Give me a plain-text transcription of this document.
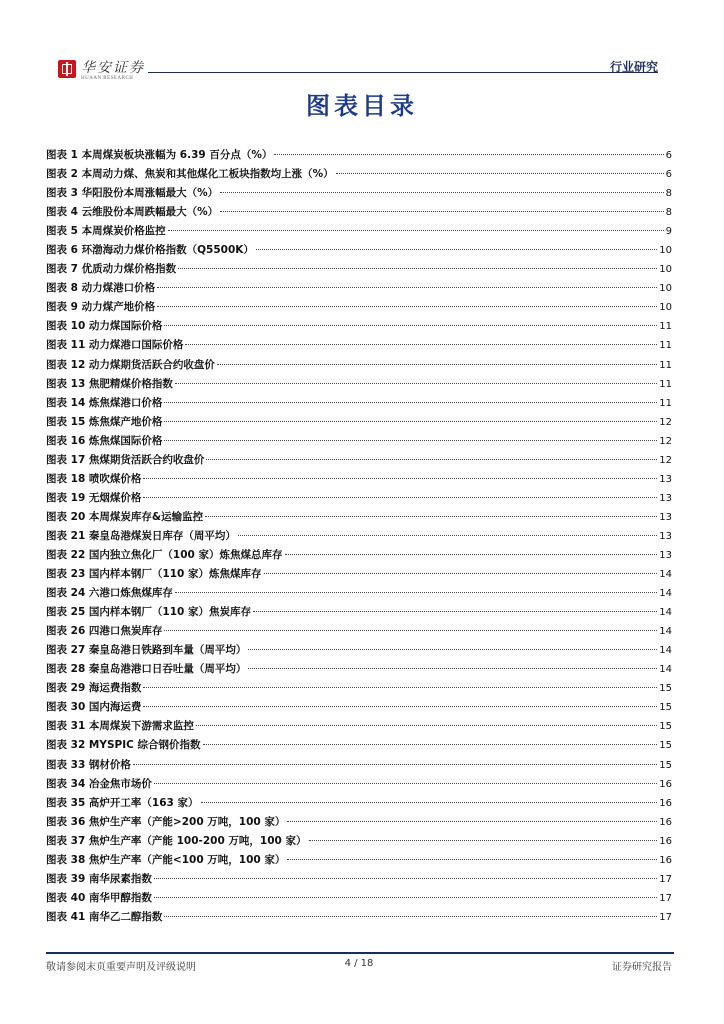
华安证券
HUAAN RESEARCH
行业研究
图表目录
图表 1 本周煤炭板块涨幅为 6.39 百分点（%）	6
图表 2 本周动力煤、焦炭和其他煤化工板块指数均上涨（%）	6
图表 3 华阳股份本周涨幅最大（%）	8
图表 4 云维股份本周跌幅最大（%）	8
图表 5 本周煤炭价格监控	9
图表 6 环渤海动力煤价格指数（Q5500K）	10
图表 7 优质动力煤价格指数	10
图表 8 动力煤港口价格	10
图表 9 动力煤产地价格	10
图表 10 动力煤国际价格	11
图表 11 动力煤港口国际价格	11
图表 12 动力煤期货活跃合约收盘价	11
图表 13 焦肥精煤价格指数	11
图表 14 炼焦煤港口价格	11
图表 15 炼焦煤产地价格	12
图表 16 炼焦煤国际价格	12
图表 17 焦煤期货活跃合约收盘价	12
图表 18 喷吹煤价格	13
图表 19 无烟煤价格	13
图表 20 本周煤炭库存&运输监控	13
图表 21 秦皇岛港煤炭日库存（周平均）	13
图表 22 国内独立焦化厂（100 家）炼焦煤总库存	13
图表 23 国内样本钢厂（110 家）炼焦煤库存	14
图表 24 六港口炼焦煤库存	14
图表 25 国内样本钢厂（110 家）焦炭库存	14
图表 26 四港口焦炭库存	14
图表 27 秦皇岛港日铁路到车量（周平均）	14
图表 28 秦皇岛港港口日吞吐量（周平均）	14
图表 29 海运费指数	15
图表 30 国内海运费	15
图表 31 本周煤炭下游需求监控	15
图表 32 MYSPIC 综合钢价指数	15
图表 33 钢材价格	15
图表 34 冶金焦市场价	16
图表 35 高炉开工率（163 家）	16
图表 36 焦炉生产率（产能>200 万吨，100 家）	16
图表 37 焦炉生产率（产能 100-200 万吨，100 家）	16
图表 38 焦炉生产率（产能<100 万吨，100 家）	16
图表 39 南华尿素指数	17
图表 40 南华甲醇指数	17
图表 41 南华乙二醇指数	17
敬请参阅末页重要声明及评级说明	4 / 18	证券研究报告
